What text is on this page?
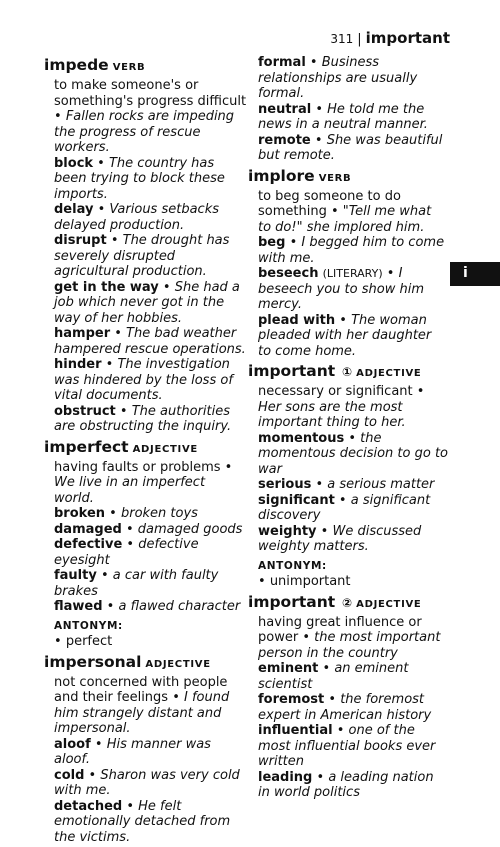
311 | important
i
impede VERB
to make someone's or something's progress difficult • Fallen rocks are impeding the progress of rescue workers.

block • The country has been trying to block these imports.

delay • Various setbacks delayed production.

disrupt • The drought has severely disrupted agricultural production.

get in the way • She had a job which never got in the way of her hobbies.

hamper • The bad weather hampered rescue operations.

hinder • The investigation was hindered by the loss of vital documents.

obstruct • The authorities are obstructing the inquiry.

imperfect ADJECTIVE
having faults or problems • We live in an imperfect world.

broken • broken toys

damaged • damaged goods

defective • defective eyesight

faulty • a car with faulty brakes

flawed • a flawed character

ANTONYM:

• perfect

impersonal ADJECTIVE
not concerned with people and their feelings • I found him strangely distant and impersonal.

aloof • His manner was aloof.

cold • Sharon was very cold with me.

detached • He felt emotionally detached from the victims.

formal • Business relationships are usually formal.

neutral • He told me the news in a neutral manner.

remote • She was beautiful but remote.

implore VERB
to beg someone to do something • "Tell me what to do!" she implored him.

beg • I begged him to come with me.

beseech (LITERARY) • I beseech you to show him mercy.

plead with • The woman pleaded with her daughter to come home.

important ① ADJECTIVE
necessary or significant • Her sons are the most important thing to her.

momentous • the momentous decision to go to war

serious • a serious matter

significant • a significant discovery

weighty • We discussed weighty matters.

ANTONYM:

• unimportant

important ② ADJECTIVE
having great influence or power • the most important person in the country

eminent • an eminent scientist

foremost • the foremost expert in American history

influential • one of the most influential books ever written

leading • a leading nation in world politics
